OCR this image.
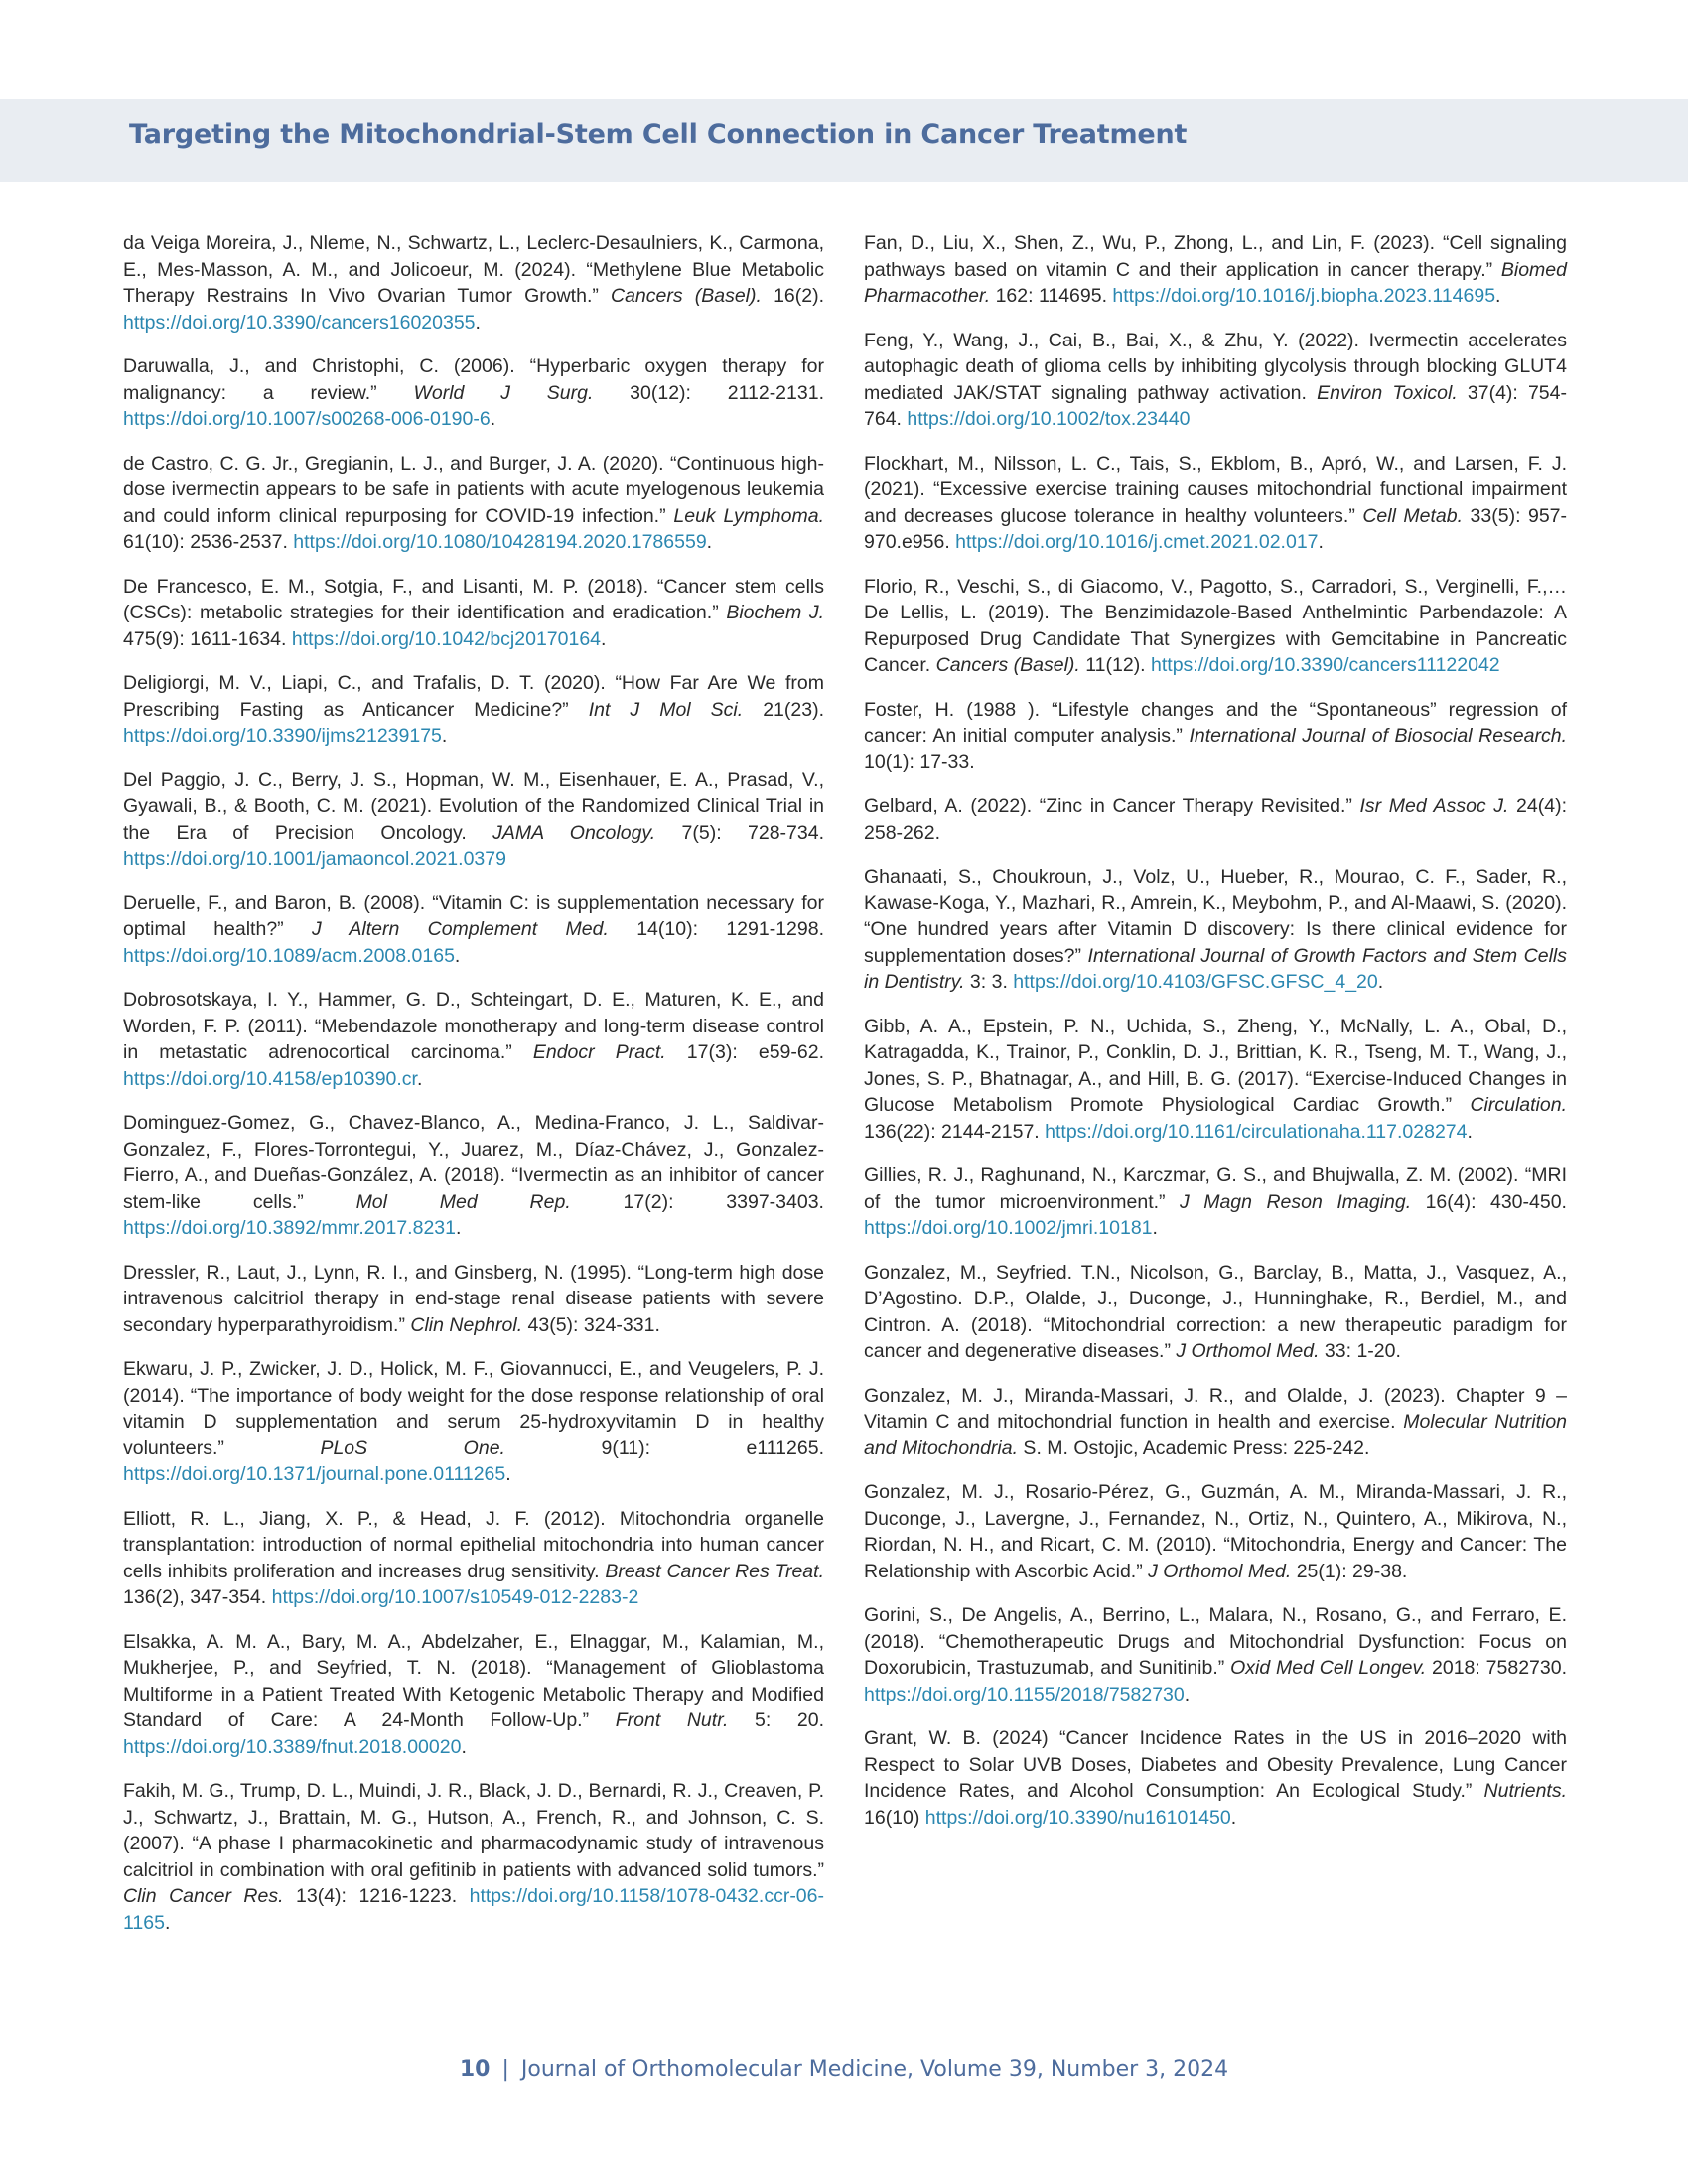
Targeting the Mitochondrial-Stem Cell Connection in Cancer Treatment

da Veiga Moreira, J., Nleme, N., Schwartz, L., Leclerc-Desaulniers, K., Carmona, E., Mes-Masson, A. M., and Jolicoeur, M. (2024). “Methylene Blue Metabolic Therapy Restrains In Vivo Ovarian Tumor Growth.” Cancers (Basel). 16(2). https://doi.org/10.3390/cancers16020355.

Daruwalla, J., and Christophi, C. (2006). “Hyperbaric oxygen therapy for malignancy: a review.” World J Surg. 30(12): 2112-2131. https://doi.org/10.1007/s00268-006-0190-6.

de Castro, C. G. Jr., Gregianin, L. J., and Burger, J. A. (2020). “Continuous high-dose ivermectin appears to be safe in patients with acute myelogenous leukemia and could inform clinical repurposing for COVID-19 infection.” Leuk Lymphoma. 61(10): 2536-2537. https://doi.org/10.1080/10428194.2020.1786559.

De Francesco, E. M., Sotgia, F., and Lisanti, M. P. (2018). “Cancer stem cells (CSCs): metabolic strategies for their identification and eradication.” Biochem J. 475(9): 1611-1634. https://doi.org/10.1042/bcj20170164.

Deligiorgi, M. V., Liapi, C., and Trafalis, D. T. (2020). “How Far Are We from Prescribing Fasting as Anticancer Medicine?” Int J Mol Sci. 21(23). https://doi.org/10.3390/ijms21239175.

Del Paggio, J. C., Berry, J. S., Hopman, W. M., Eisenhauer, E. A., Prasad, V., Gyawali, B., & Booth, C. M. (2021). Evolution of the Randomized Clinical Trial in the Era of Precision Oncology. JAMA Oncology. 7(5): 728-734. https://doi.org/10.1001/jamaoncol.2021.0379

Deruelle, F., and Baron, B. (2008). “Vitamin C: is supplementation necessary for optimal health?” J Altern Complement Med. 14(10): 1291-1298. https://doi.org/10.1089/acm.2008.0165.

Dobrosotskaya, I. Y., Hammer, G. D., Schteingart, D. E., Maturen, K. E., and Worden, F. P. (2011). “Mebendazole monotherapy and long-term disease control in metastatic adrenocortical carcinoma.” Endocr Pract. 17(3): e59-62. https://doi.org/10.4158/ep10390.cr.

Dominguez-Gomez, G., Chavez-Blanco, A., Medina-Franco, J. L., Saldivar-Gonzalez, F., Flores-Torrontegui, Y., Juarez, M., Díaz-Chávez, J., Gonzalez-Fierro, A., and Dueñas-González, A. (2018). “Ivermectin as an inhibitor of cancer stem-like cells.” Mol Med Rep. 17(2): 3397-3403. https://doi.org/10.3892/mmr.2017.8231.

Dressler, R., Laut, J., Lynn, R. I., and Ginsberg, N. (1995). “Long-term high dose intravenous calcitriol therapy in end-stage renal disease patients with severe secondary hyperparathyroidism.” Clin Nephrol. 43(5): 324-331.

Ekwaru, J. P., Zwicker, J. D., Holick, M. F., Giovannucci, E., and Veugelers, P. J. (2014). “The importance of body weight for the dose response relationship of oral vitamin D supplementation and serum 25-hydroxyvitamin D in healthy volunteers.” PLoS One. 9(11): e111265. https://doi.org/10.1371/journal.pone.0111265.

Elliott, R. L., Jiang, X. P., & Head, J. F. (2012). Mitochondria organelle transplantation: introduction of normal epithelial mitochondria into human cancer cells inhibits proliferation and increases drug sensitivity. Breast Cancer Res Treat. 136(2), 347-354. https://doi.org/10.1007/s10549-012-2283-2

Elsakka, A. M. A., Bary, M. A., Abdelzaher, E., Elnaggar, M., Kalamian, M., Mukherjee, P., and Seyfried, T. N. (2018). “Management of Glioblastoma Multiforme in a Patient Treated With Ketogenic Metabolic Therapy and Modified Standard of Care: A 24-Month Follow-Up.” Front Nutr. 5: 20. https://doi.org/10.3389/fnut.2018.00020.

Fakih, M. G., Trump, D. L., Muindi, J. R., Black, J. D., Bernardi, R. J., Creaven, P. J., Schwartz, J., Brattain, M. G., Hutson, A., French, R., and Johnson, C. S. (2007). “A phase I pharmacokinetic and pharmacodynamic study of intravenous calcitriol in combination with oral gefitinib in patients with advanced solid tumors.” Clin Cancer Res. 13(4): 1216-1223. https://doi.org/10.1158/1078-0432.ccr-06-1165.

Fan, D., Liu, X., Shen, Z., Wu, P., Zhong, L., and Lin, F. (2023). “Cell signaling pathways based on vitamin C and their application in cancer therapy.” Biomed Pharmacother. 162: 114695. https://doi.org/10.1016/j.biopha.2023.114695.

Feng, Y., Wang, J., Cai, B., Bai, X., & Zhu, Y. (2022). Ivermectin accelerates autophagic death of glioma cells by inhibiting glycolysis through blocking GLUT4 mediated JAK/STAT signaling pathway activation. Environ Toxicol. 37(4): 754-764. https://doi.org/10.1002/tox.23440

Flockhart, M., Nilsson, L. C., Tais, S., Ekblom, B., Apró, W., and Larsen, F. J. (2021). “Excessive exercise training causes mitochondrial functional impairment and decreases glucose tolerance in healthy volunteers.” Cell Metab. 33(5): 957-970.e956. https://doi.org/10.1016/j.cmet.2021.02.017.

Florio, R., Veschi, S., di Giacomo, V., Pagotto, S., Carradori, S., Verginelli, F.,…De Lellis, L. (2019). The Benzimidazole-Based Anthelmintic Parbendazole: A Repurposed Drug Candidate That Synergizes with Gemcitabine in Pancreatic Cancer. Cancers (Basel). 11(12). https://doi.org/10.3390/cancers11122042

Foster, H. (1988 ). “Lifestyle changes and the “Spontaneous” regression of cancer: An initial computer analysis.” International Journal of Biosocial Research. 10(1): 17-33.

Gelbard, A. (2022). “Zinc in Cancer Therapy Revisited.” Isr Med Assoc J. 24(4): 258-262.

Ghanaati, S., Choukroun, J., Volz, U., Hueber, R., Mourao, C. F., Sader, R., Kawase-Koga, Y., Mazhari, R., Amrein, K., Meybohm, P., and Al-Maawi, S. (2020). “One hundred years after Vitamin D discovery: Is there clinical evidence for supplementation doses?” International Journal of Growth Factors and Stem Cells in Dentistry. 3: 3. https://doi.org/10.4103/GFSC.GFSC_4_20.

Gibb, A. A., Epstein, P. N., Uchida, S., Zheng, Y., McNally, L. A., Obal, D., Katragadda, K., Trainor, P., Conklin, D. J., Brittian, K. R., Tseng, M. T., Wang, J., Jones, S. P., Bhatnagar, A., and Hill, B. G. (2017). “Exercise-Induced Changes in Glucose Metabolism Promote Physiological Cardiac Growth.” Circulation. 136(22): 2144-2157. https://doi.org/10.1161/circulationaha.117.028274.

Gillies, R. J., Raghunand, N., Karczmar, G. S., and Bhujwalla, Z. M. (2002). “MRI of the tumor microenvironment.” J Magn Reson Imaging. 16(4): 430-450. https://doi.org/10.1002/jmri.10181.

Gonzalez, M., Seyfried. T.N., Nicolson, G., Barclay, B., Matta, J., Vasquez, A., D’Agostino. D.P., Olalde, J., Duconge, J., Hunninghake, R., Berdiel, M., and Cintron. A. (2018). “Mitochondrial correction: a new therapeutic paradigm for cancer and degenerative diseases.” J Orthomol Med. 33: 1-20.

Gonzalez, M. J., Miranda-Massari, J. R., and Olalde, J. (2023). Chapter 9 – Vitamin C and mitochondrial function in health and exercise. Molecular Nutrition and Mitochondria. S. M. Ostojic, Academic Press: 225-242.

Gonzalez, M. J., Rosario-Pérez, G., Guzmán, A. M., Miranda-Massari, J. R., Duconge, J., Lavergne, J., Fernandez, N., Ortiz, N., Quintero, A., Mikirova, N., Riordan, N. H., and Ricart, C. M. (2010). “Mitochondria, Energy and Cancer: The Relationship with Ascorbic Acid.” J Orthomol Med. 25(1): 29-38.

Gorini, S., De Angelis, A., Berrino, L., Malara, N., Rosano, G., and Ferraro, E. (2018). “Chemotherapeutic Drugs and Mitochondrial Dysfunction: Focus on Doxorubicin, Trastuzumab, and Sunitinib.” Oxid Med Cell Longev. 2018: 7582730. https://doi.org/10.1155/2018/7582730.

Grant, W. B. (2024) “Cancer Incidence Rates in the US in 2016–2020 with Respect to Solar UVB Doses, Diabetes and Obesity Prevalence, Lung Cancer Incidence Rates, and Alcohol Consumption: An Ecological Study.” Nutrients. 16(10) https://doi.org/10.3390/nu16101450.

10 | Journal of Orthomolecular Medicine, Volume 39, Number 3, 2024
